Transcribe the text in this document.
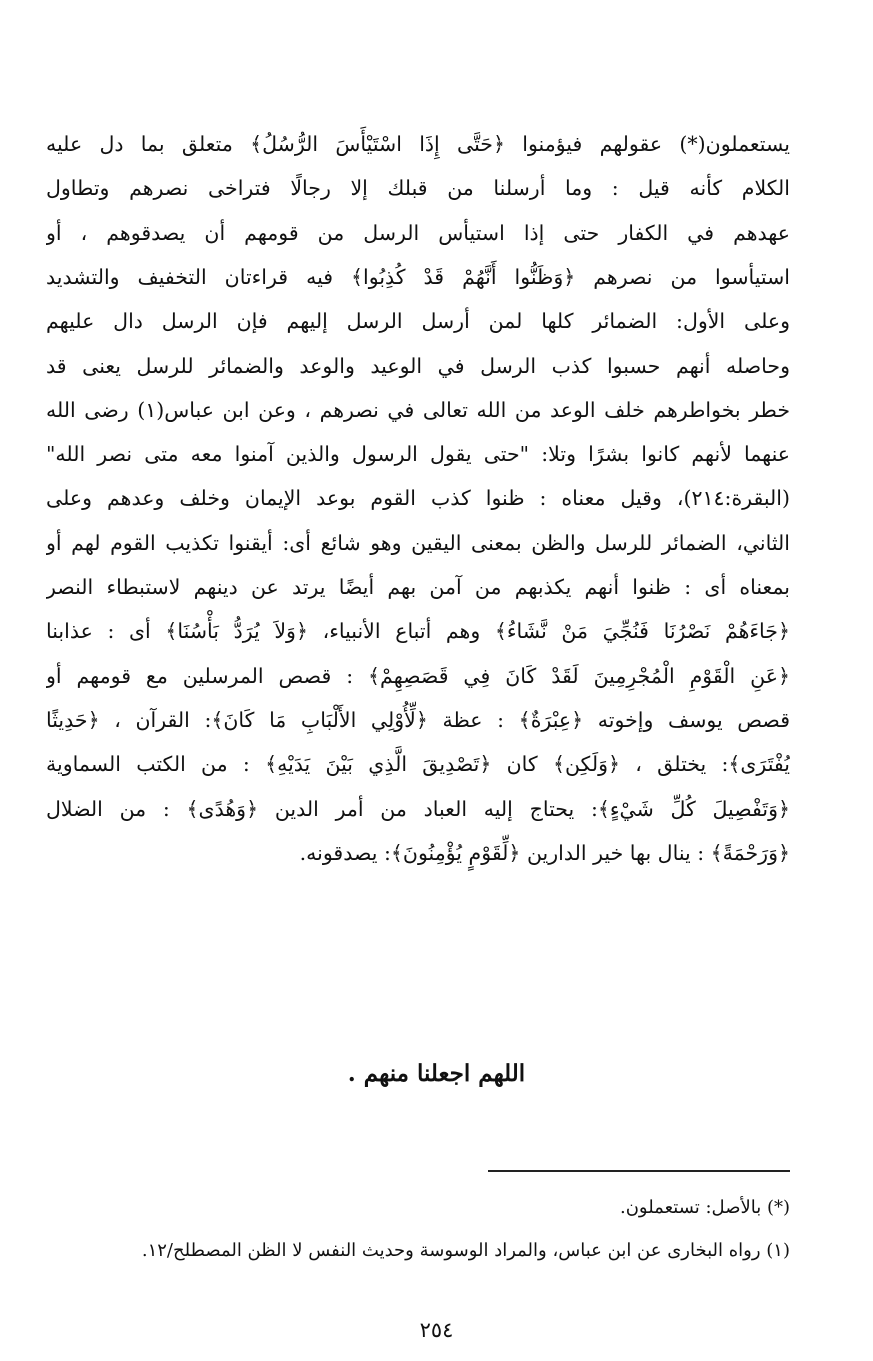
يستعملون(*) عقولهم فيؤمنوا ﴿حَتَّى إِذَا اسْتَيْأَسَ الرُّسُلُ﴾ متعلق بما دل عليه
الكلام كأنه قيل : وما أرسلنا من قبلك إلا رجالًا فتراخى نصرهم وتطاول
عهدهم في الكفار حتى إذا استيأس الرسل من قومهم أن يصدقوهم ، أو
استيأسوا من نصرهم ﴿وَظَنُّوا أَنَّهُمْ قَدْ كُذِبُوا﴾ فيه قراءتان التخفيف والتشديد
وعلى الأول: الضمائر كلها لمن أرسل الرسل إليهم فإن الرسل دال عليهم
وحاصله أنهم حسبوا كذب الرسل في الوعيد والوعد والضمائر للرسل يعنى قد
خطر بخواطرهم خلف الوعد من الله تعالى في نصرهم ، وعن ابن عباس(١) رضى الله
عنهما لأنهم كانوا بشرًا وتلا: "حتى يقول الرسول والذين آمنوا معه متى نصر الله"
(البقرة:٢١٤)، وقيل معناه : ظنوا كذب القوم بوعد الإيمان وخلف وعدهم وعلى
الثاني، الضمائر للرسل والظن بمعنى اليقين وهو شائع أى: أيقنوا تكذيب القوم لهم أو
بمعناه أى : ظنوا أنهم يكذبهم من آمن بهم أيضًا يرتد عن دينهم لاستبطاء النصر
﴿جَاءَهُمْ نَصْرُنَا فَنُجِّيَ مَنْ نَّشَاءُ﴾ وهم أتباع الأنبياء، ﴿وَلاَ يُرَدُّ بَأْسُنَا﴾ أى : عذابنا
﴿عَنِ الْقَوْمِ الْمُجْرِمِينَ لَقَدْ كَانَ فِي قَصَصِهِمْ﴾ : قصص المرسلين مع قومهم أو
قصص يوسف وإخوته ﴿عِبْرَةٌ﴾ : عظة ﴿لِّأُوْلِي الأَلْبَابِ مَا كَانَ﴾: القرآن ، ﴿حَدِيثًا
يُفْتَرَى﴾: يختلق ، ﴿وَلَكِن﴾ كان ﴿تَصْدِيقَ الَّذِي بَيْنَ يَدَيْهِ﴾ : من الكتب السماوية
﴿وَتَفْصِيلَ كُلِّ شَيْءٍ﴾: يحتاج إليه العباد من أمر الدين ﴿وَهُدًى﴾ : من الضلال
﴿وَرَحْمَةً﴾ : ينال بها خير الدارين ﴿لِّقَوْمٍ يُؤْمِنُونَ﴾: يصدقونه.
اللهم اجعلنا منهم .
(*) بالأصل: تستعملون.
(١) رواه البخارى عن ابن عباس، والمراد الوسوسة وحديث النفس لا الظن المصطلح/١٢.
٢٥٤
